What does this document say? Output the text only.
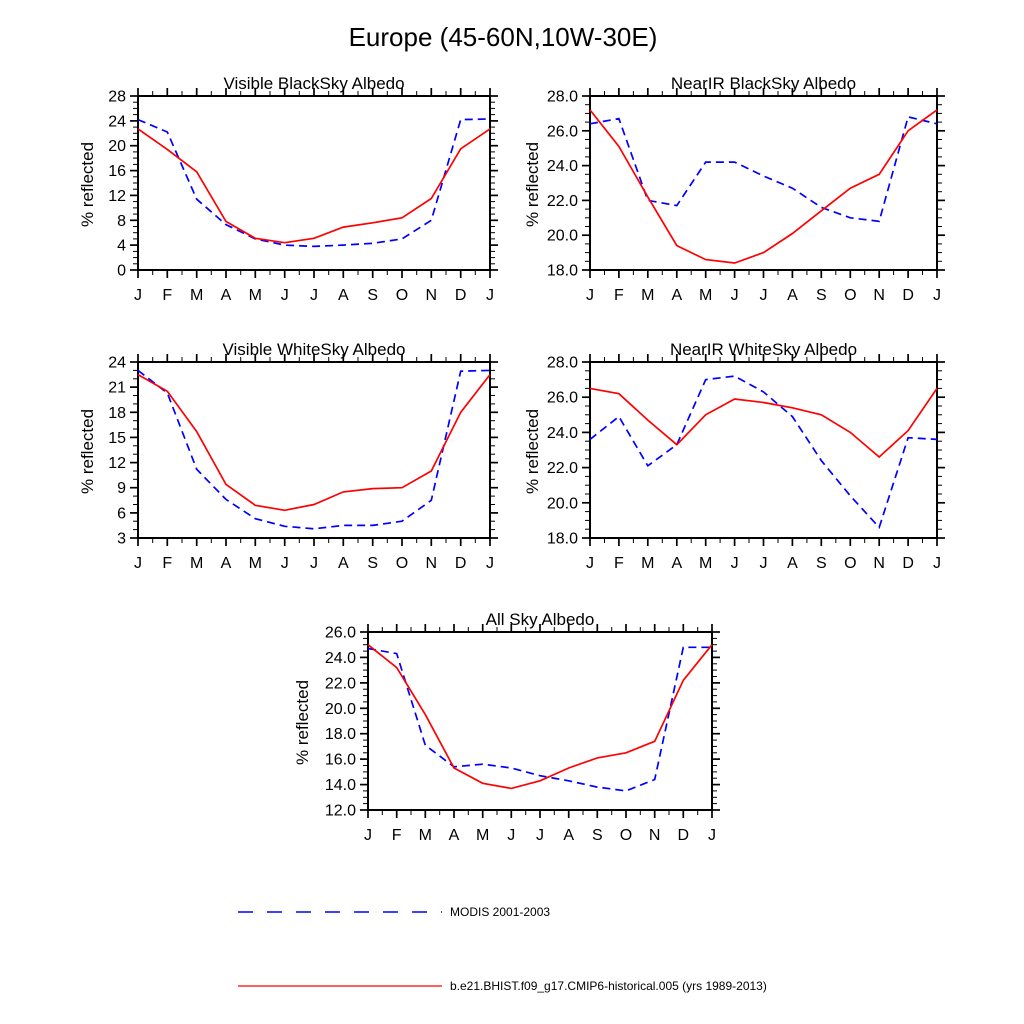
Europe (45-60N,10W-30E)
Visible BlackSky Albedo
% reflected
J F M A M J J A S O N D J
0
4
8
12
16
20
24
28
NearIR BlackSky Albedo
% reflected
J F M A M J J A S O N D J
18.0
20.0
22.0
24.0
26.0
28.0
Visible WhiteSky Albedo
% reflected
J F M A M J J A S O N D J
3
6
9
12
15
18
21
24
NearIR WhiteSky Albedo
% reflected
J F M A M J J A S O N D J
18.0
20.0
22.0
24.0
26.0
28.0
All Sky Albedo
% reflected
J F M A M J J A S O N D J
12.0
14.0
16.0
18.0
20.0
22.0
24.0
26.0
MODIS 2001-2003
b.e21.BHIST.f09_g17.CMIP6-historical.005 (yrs 1989-2013)
